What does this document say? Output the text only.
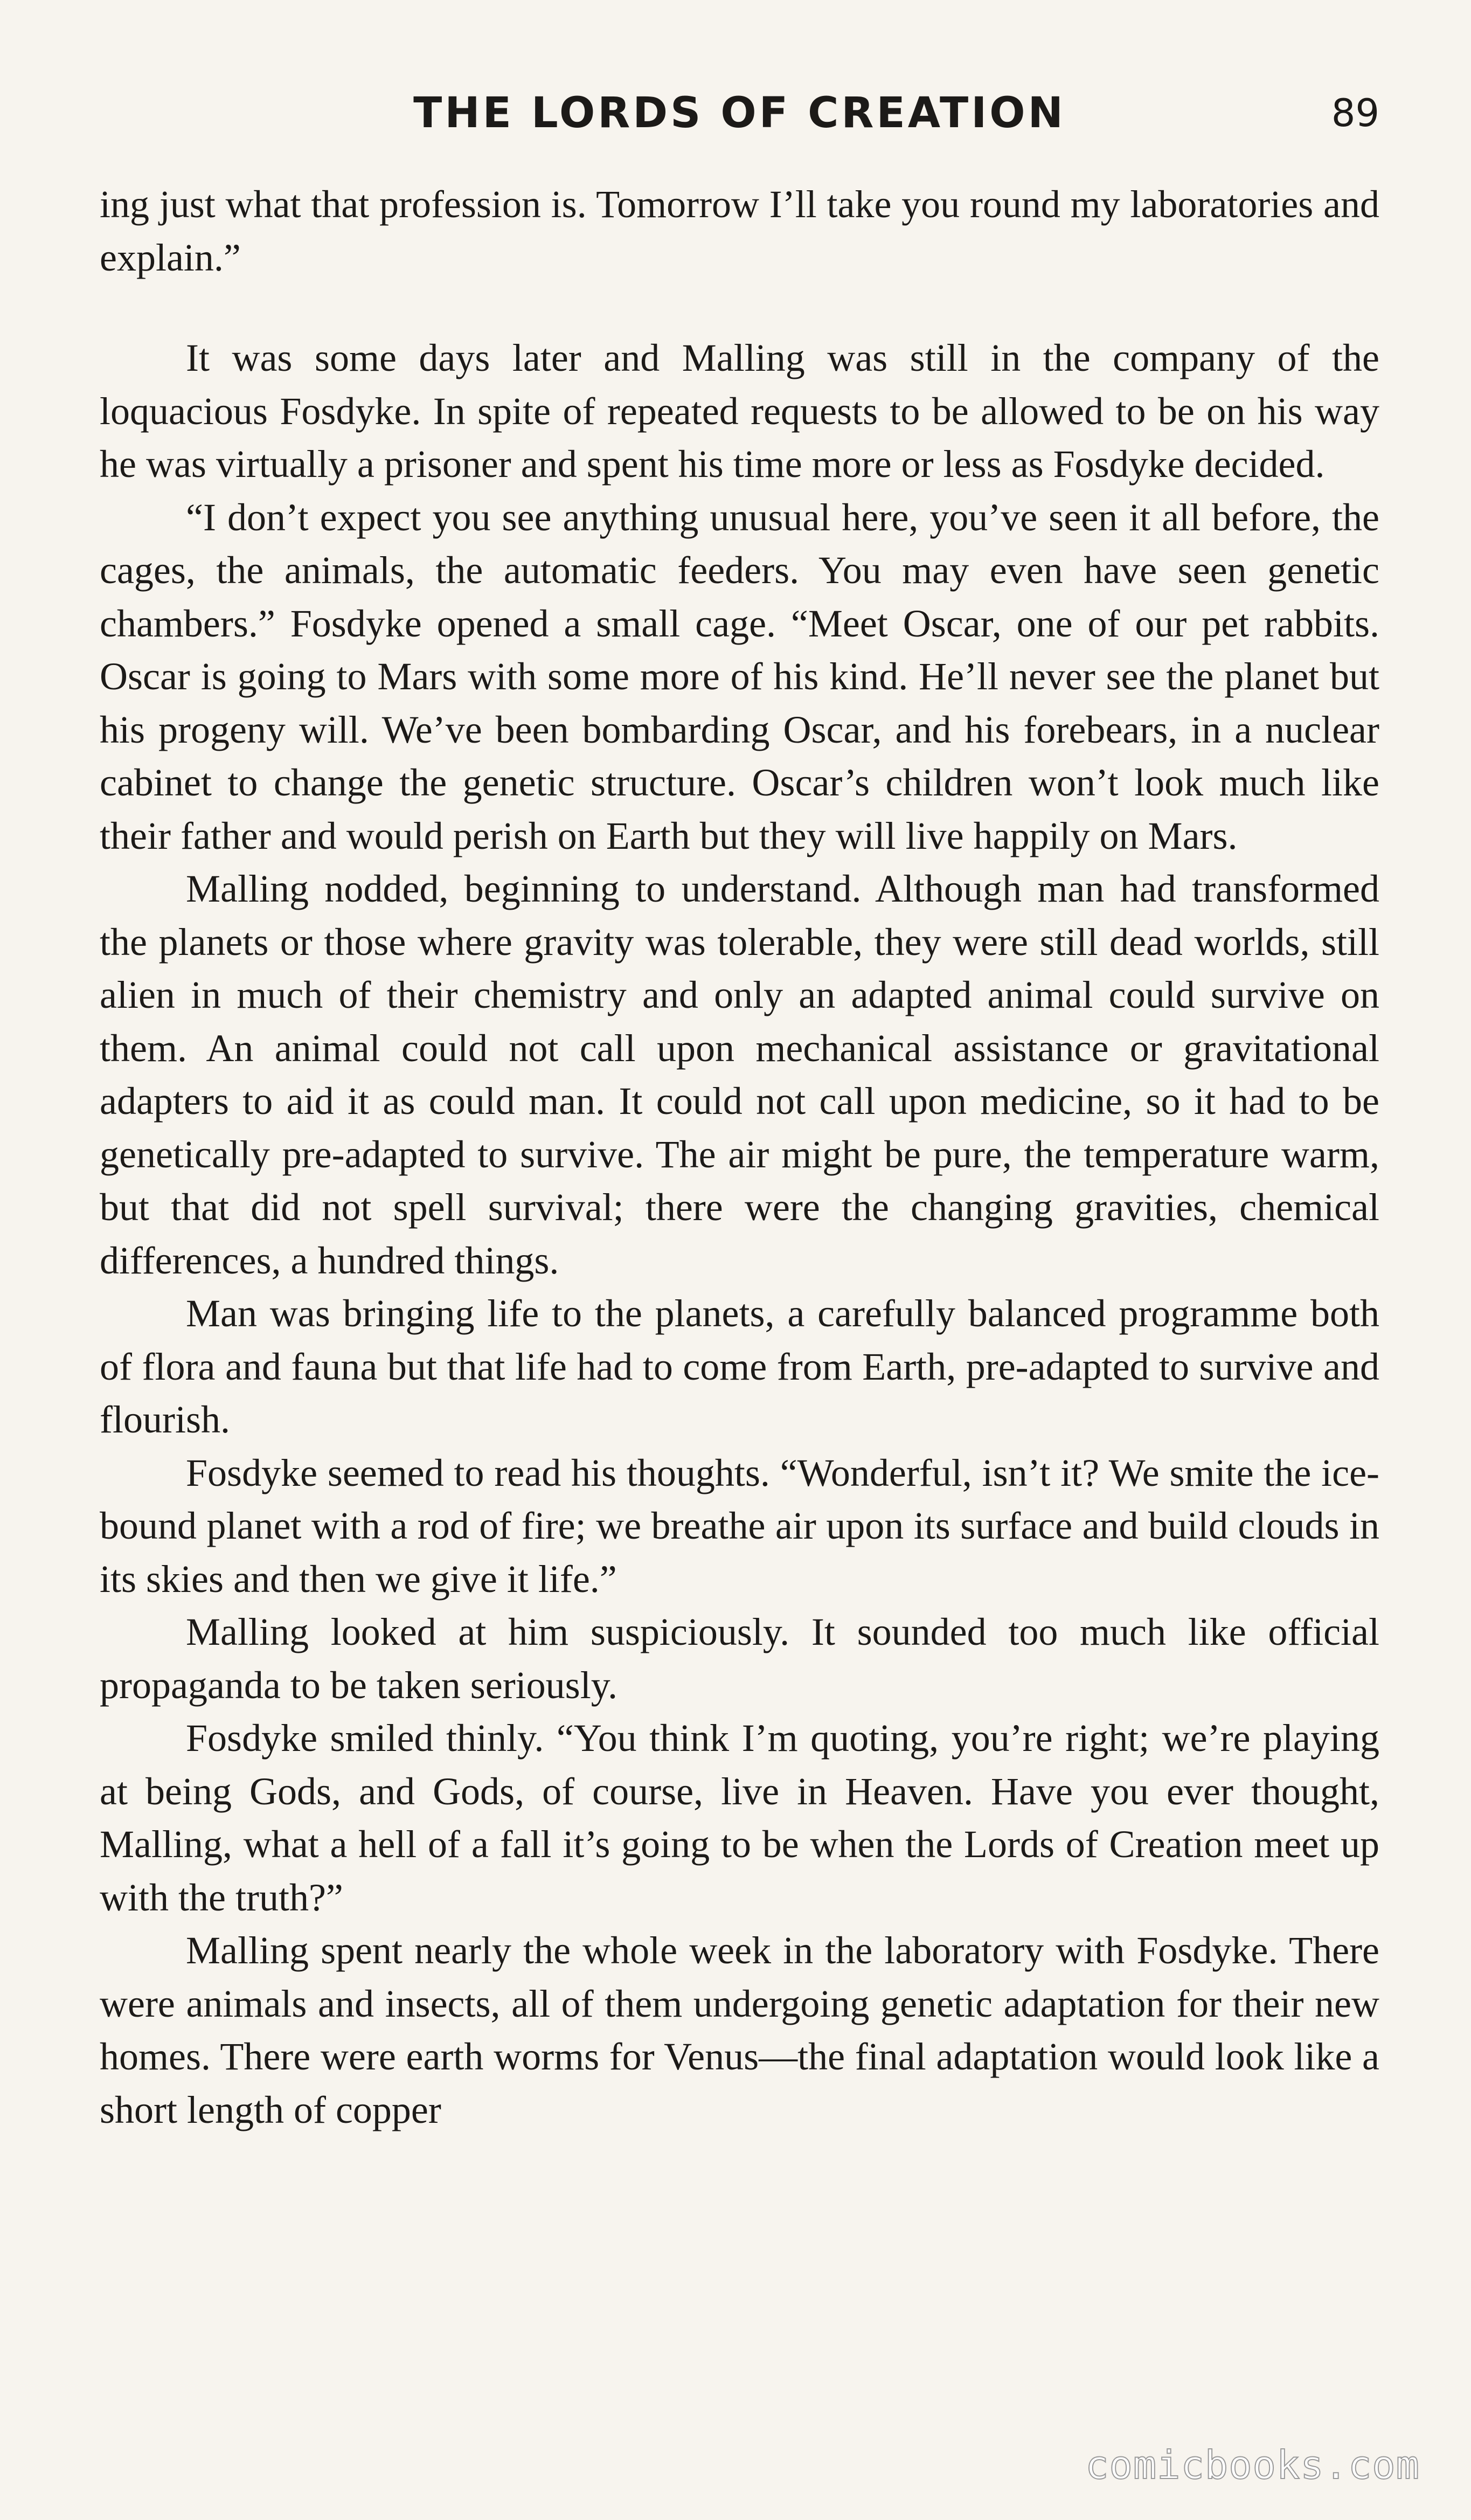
THE LORDS OF CREATION	89

ing just what that profession is. Tomorrow I’ll take you round my laboratories and explain.”

It was some days later and Malling was still in the company of the loquacious Fosdyke. In spite of repeated requests to be allowed to be on his way he was virtually a prisoner and spent his time more or less as Fosdyke decided.

“I don’t expect you see anything unusual here, you’ve seen it all before, the cages, the animals, the automatic feeders. You may even have seen genetic chambers.” Fosdyke opened a small cage. “Meet Oscar, one of our pet rabbits. Oscar is going to Mars with some more of his kind. He’ll never see the planet but his progeny will. We’ve been bombarding Oscar, and his forebears, in a nuclear cabinet to change the genetic structure. Oscar’s children won’t look much like their father and would perish on Earth but they will live happily on Mars.

Malling nodded, beginning to understand. Although man had transformed the planets or those where gravity was tolerable, they were still dead worlds, still alien in much of their chemistry and only an adapted animal could survive on them. An animal could not call upon mechanical assistance or gravitational adapters to aid it as could man. It could not call upon medicine, so it had to be genetically pre-adapted to survive. The air might be pure, the temperature warm, but that did not spell survival; there were the changing gravities, chemical differences, a hundred things.

Man was bringing life to the planets, a carefully balanced programme both of flora and fauna but that life had to come from Earth, pre-adapted to survive and flourish.

Fosdyke seemed to read his thoughts. “Wonderful, isn’t it? We smite the ice-bound planet with a rod of fire; we breathe air upon its surface and build clouds in its skies and then we give it life.”

Malling looked at him suspiciously. It sounded too much like official propaganda to be taken seriously.

Fosdyke smiled thinly. “You think I’m quoting, you’re right; we’re playing at being Gods, and Gods, of course, live in Heaven. Have you ever thought, Malling, what a hell of a fall it’s going to be when the Lords of Creation meet up with the truth?”

Malling spent nearly the whole week in the laboratory with Fosdyke. There were animals and insects, all of them undergoing genetic adaptation for their new homes. There were earth worms for Venus—the final adaptation would look like a short length of copper

comicbooks.com
